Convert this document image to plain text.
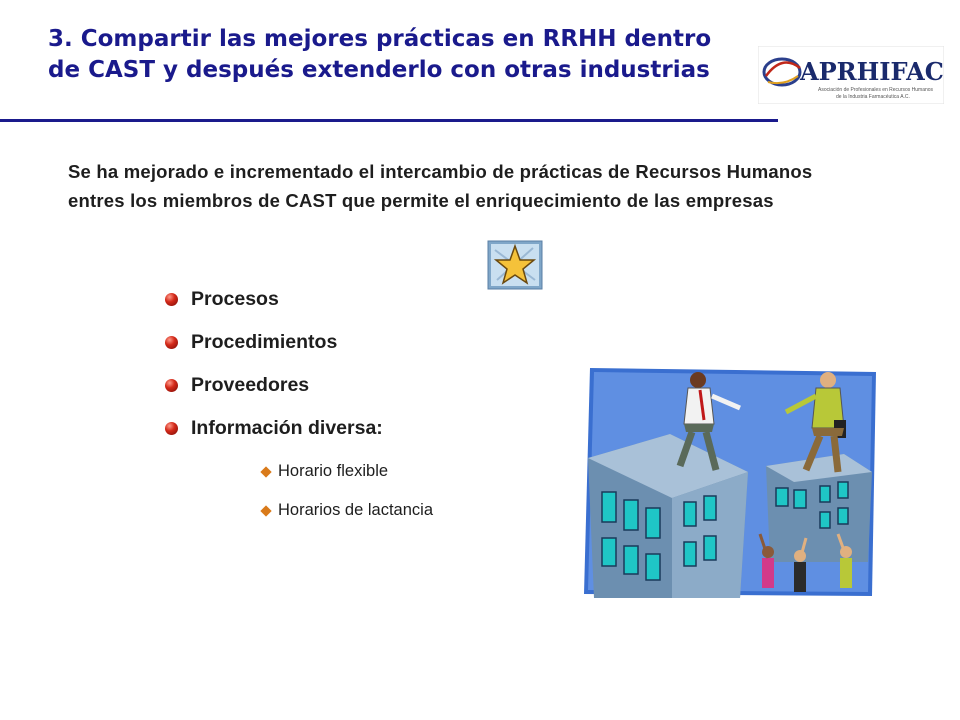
3. Compartir las mejores prácticas en RRHH dentro de CAST y después extenderlo con otras industrias	APRHIFAC
Asociación de Profesionales en Recursos Humanos
de la Industria Farmacéutica A.C.

Se ha mejorado e incrementado el intercambio de prácticas de Recursos Humanos entres los miembros de CAST que permite el enriquecimiento de las empresas

Procesos
Procedimientos
Proveedores
Información diversa:
Horario flexible
Horarios de lactancia
